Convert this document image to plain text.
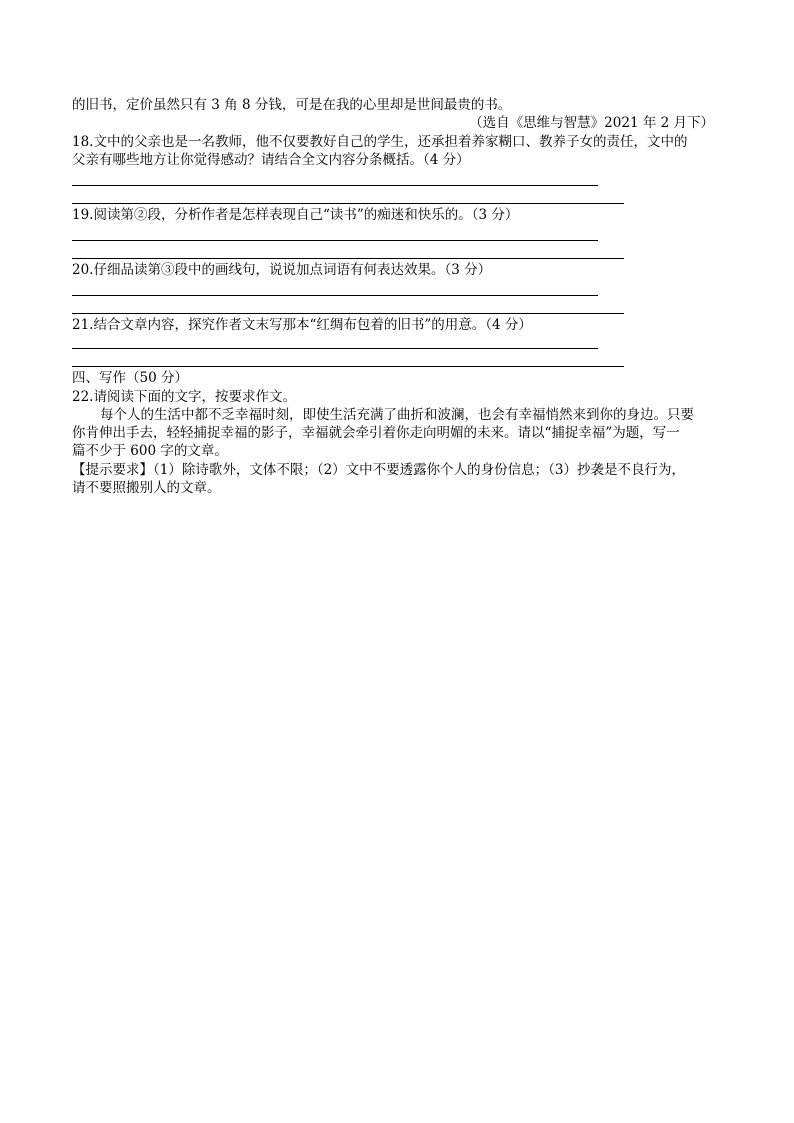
的旧书，定价虽然只有 3 角 8 分钱，可是在我的心里却是世间最贵的书。
（选自《思维与智慧》2021 年 2 月下）
18.文中的父亲也是一名教师，他不仅要教好自己的学生，还承担着养家糊口、教养子女的责任，文中的
父亲有哪些地方让你觉得感动？请结合全文内容分条概括。（4 分）
19.阅读第②段，分析作者是怎样表现自己“读书”的痴迷和快乐的。（3 分）
20.仔细品读第③段中的画线句，说说加点词语有何表达效果。（3 分）
21.结合文章内容，探究作者文末写那本“红绸布包着的旧书”的用意。（4 分）
四、写作（50 分）
22.请阅读下面的文字，按要求作文。
每个人的生活中都不乏幸福时刻，即使生活充满了曲折和波澜，也会有幸福悄然来到你的身边。只要
你肯伸出手去，轻轻捕捉幸福的影子，幸福就会牵引着你走向明媚的未来。请以“捕捉幸福”为题，写一
篇不少于 600 字的文章。
【提示要求】（1）除诗歌外，文体不限；（2）文中不要透露你个人的身份信息；（3）抄袭是不良行为，
请不要照搬别人的文章。
